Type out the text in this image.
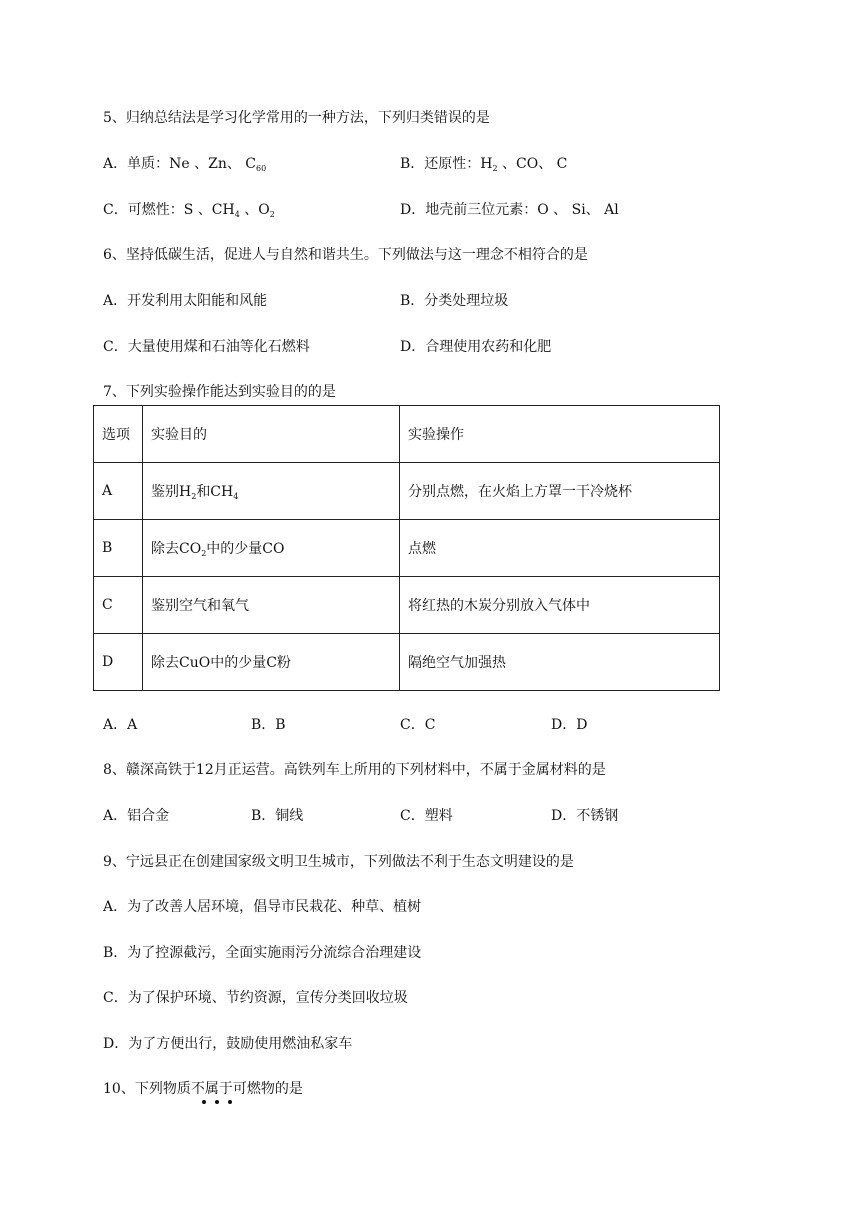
5、归纳总结法是学习化学常用的一种方法，下列归类错误的是
A．单质：Ne 、Zn、 $C_{60}$	B．还原性：$H_2$ 、CO、 C
C．可燃性：S 、$CH_4$ 、$O_2$	D．地壳前三位元素：O 、 Si、 Al
6、坚持低碳生活，促进人与自然和谐共生。下列做法与这一理念不相符合的是
A．开发利用太阳能和风能	B．分类处理垃圾
C．大量使用煤和石油等化石燃料	D．合理使用农药和化肥
7、下列实验操作能达到实验目的的是
选项	实验目的	实验操作
A	鉴别$H_2$和$CH_4$	分别点燃，在火焰上方罩一干冷烧杯
B	除去$CO_2$中的少量CO	点燃
C	鉴别空气和氧气	将红热的木炭分别放入气体中
D	除去CuO中的少量C粉	隔绝空气加强热
A．A	B．B	C．C	D．D
8、赣深高铁于12月正运营。高铁列车上所用的下列材料中，不属于金属材料的是
A．铝合金	B．铜线	C．塑料	D．不锈钢
9、宁远县正在创建国家级文明卫生城市，下列做法不利于生态文明建设的是
A．为了改善人居环境，倡导市民栽花、种草、植树
B．为了控源截污，全面实施雨污分流综合治理建设
C．为了保护环境、节约资源，宣传分类回收垃圾
D．为了方便出行，鼓励使用燃油私家车
10、下列物质不属于可燃物的是
